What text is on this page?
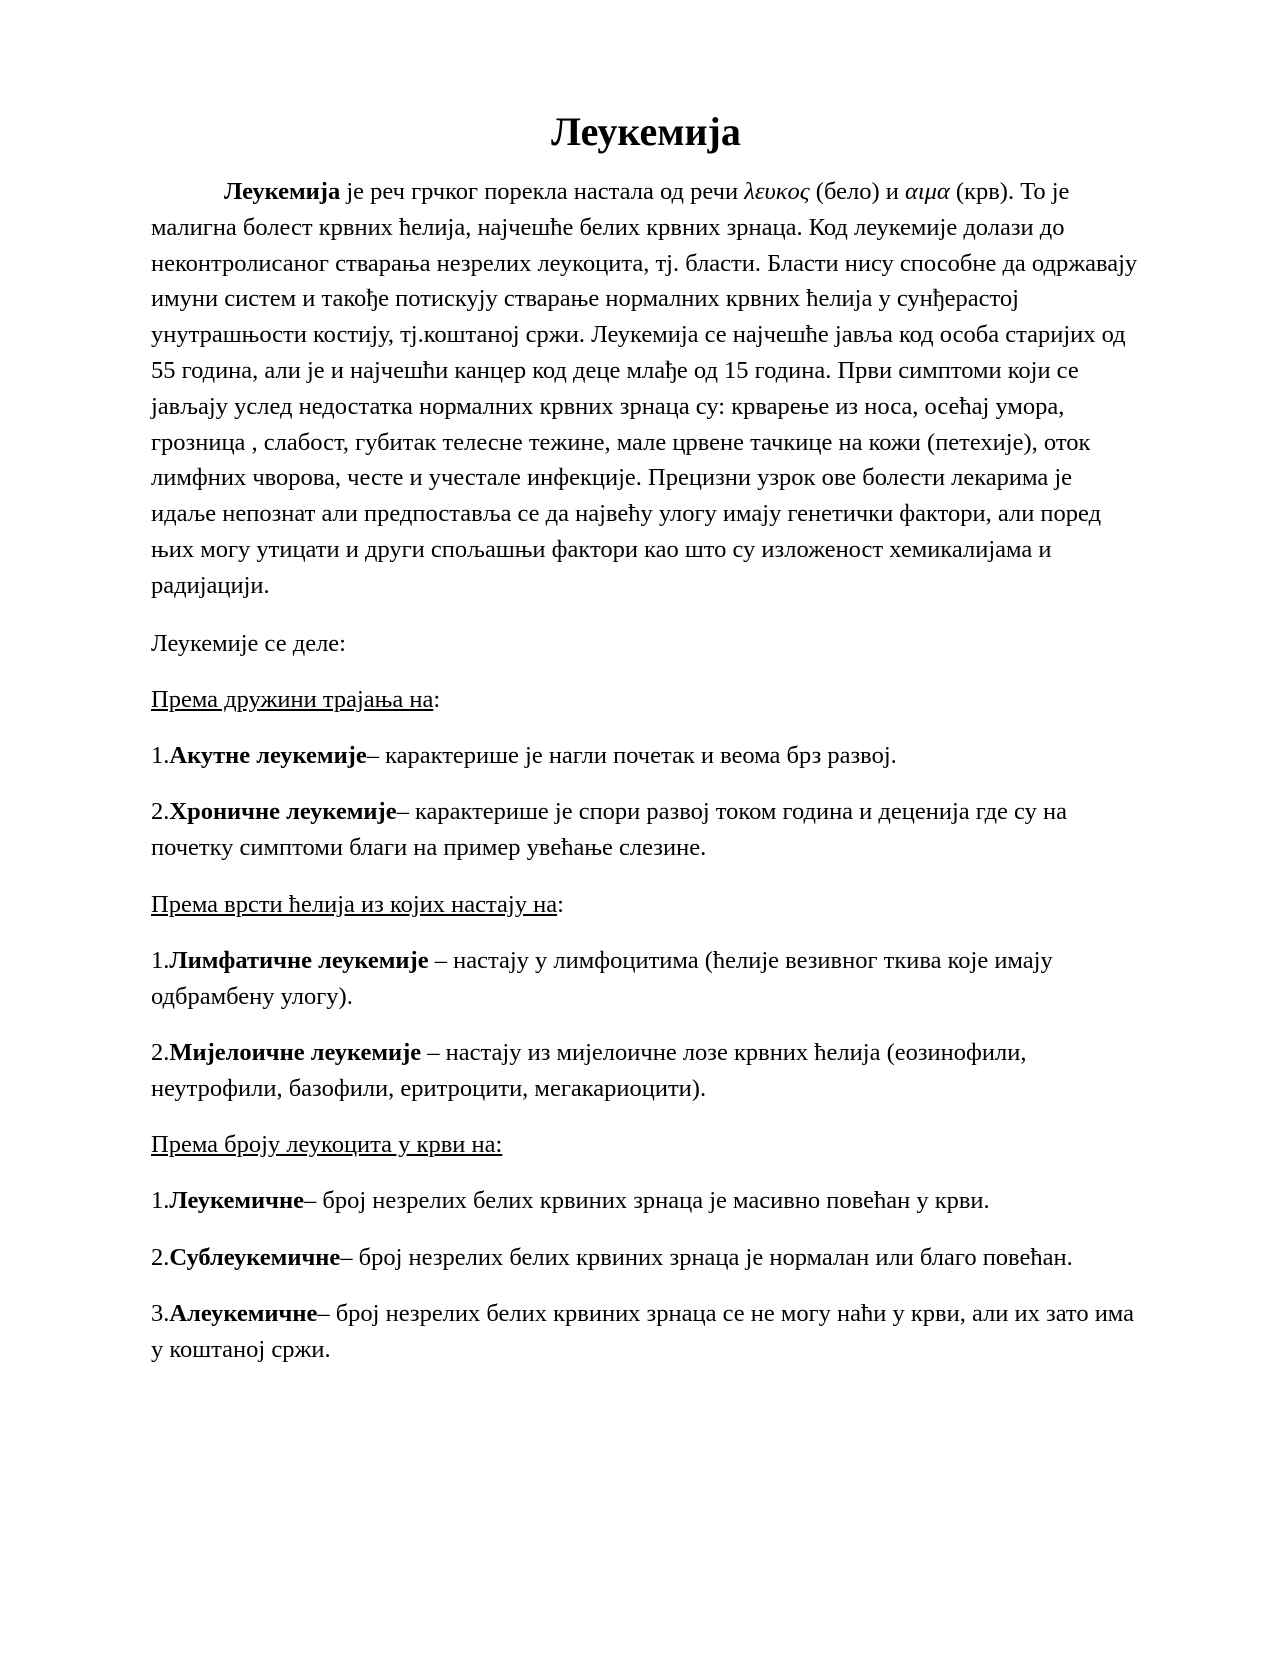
Леукемија

Леукемија је реч грчког порекла настала од речи λευκος (бело) и αιμα (крв). То је малигна болест крвних ћелија, најчешће белих крвних зрнаца. Код леукемије долази до неконтролисаног стварања незрелих леукоцита, тј. бласти. Бласти нису способне да одржавају имуни систем и такође потискују стварање нормалних крвних ћелија у сунђерастој унутрашњости костију, тј.коштаној сржи. Леукемија се најчешће јавља код особа старијих од 55 година, али је и најчешћи канцер код деце млађе од 15 година. Први симптоми који се јављају услед недостатка нормалних крвних зрнаца су: крварење из носа, осећај умора, грозница , слабост, губитак телесне тежине, мале црвене тачкице на кожи (петехије), оток лимфних чворова, честе и учестале инфекције. Прецизни узрок ове болести лекарима је идаље непознат али предпоставља се да највећу улогу имају генетички фактори, али поред њих могу утицати и други спољашњи фактори као што су изложеност хемикалијама и радијацији.

Леукемије се деле:

Према дружини трајања на:

1.Акутне леукемије– карактерише је нагли почетак и веома брз развој.

2.Хроничне леукемије– карактерише је спори развој током година и деценија где су на почетку симптоми благи на пример увећање слезине.

Према врсти ћелија из којих настају на:

1.Лимфатичне леукемије – настају у лимфоцитима (ћелије везивног ткива које имају одбрамбену улогу).

2.Мијелоичне леукемије – настају из мијелоичне лозе крвних ћелија (еозинофили, неутрофили, базофили, еритроцити, мегакариоцити).

Према броју леукоцита у крви на:

1.Леукемичне– број незрелих белих крвиних зрнаца је масивно повећан у крви.

2.Сублеукемичне– број незрелих белих крвиних зрнаца је нормалан или благо повећан.

3.Алеукемичне– број незрелих белих крвиних зрнаца се не могу наћи у крви, али их зато има у коштаној сржи.
